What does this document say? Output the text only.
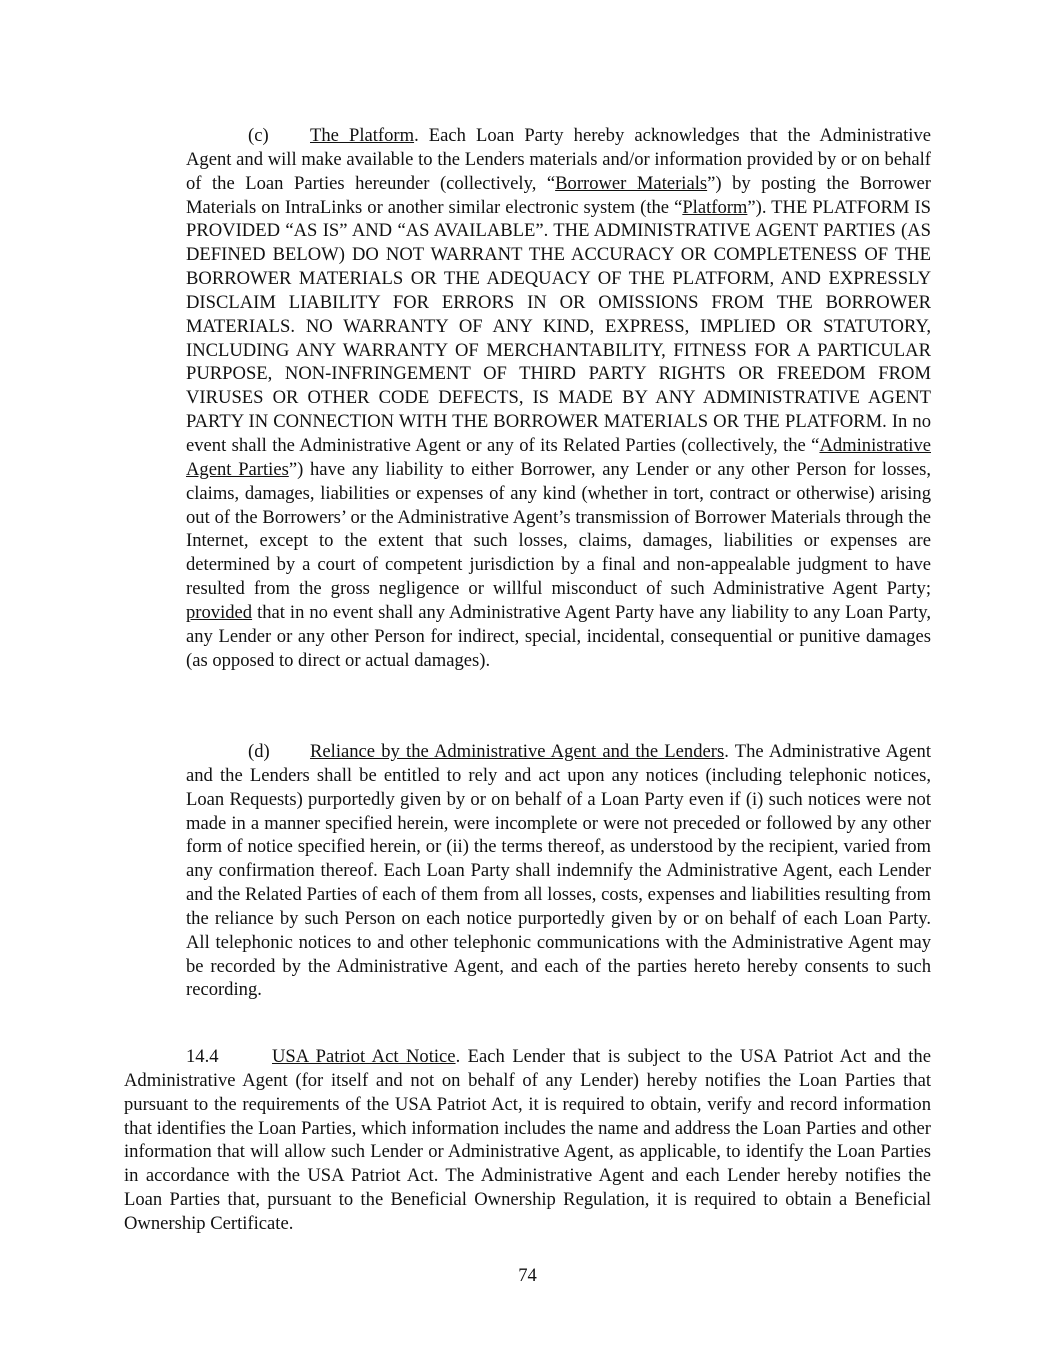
(c) The Platform. Each Loan Party hereby acknowledges that the Administrative Agent and will make available to the Lenders materials and/or information provided by or on behalf of the Loan Parties hereunder (collectively, “Borrower Materials”) by posting the Borrower Materials on IntraLinks or another similar electronic system (the “Platform”). THE PLATFORM IS PROVIDED “AS IS” AND “AS AVAILABLE”. THE ADMINISTRATIVE AGENT PARTIES (AS DEFINED BELOW) DO NOT WARRANT THE ACCURACY OR COMPLETENESS OF THE BORROWER MATERIALS OR THE ADEQUACY OF THE PLATFORM, AND EXPRESSLY DISCLAIM LIABILITY FOR ERRORS IN OR OMISSIONS FROM THE BORROWER MATERIALS. NO WARRANTY OF ANY KIND, EXPRESS, IMPLIED OR STATUTORY, INCLUDING ANY WARRANTY OF MERCHANTABILITY, FITNESS FOR A PARTICULAR PURPOSE, NON-INFRINGEMENT OF THIRD PARTY RIGHTS OR FREEDOM FROM VIRUSES OR OTHER CODE DEFECTS, IS MADE BY ANY ADMINISTRATIVE AGENT PARTY IN CONNECTION WITH THE BORROWER MATERIALS OR THE PLATFORM. In no event shall the Administrative Agent or any of its Related Parties (collectively, the “Administrative Agent Parties”) have any liability to either Borrower, any Lender or any other Person for losses, claims, damages, liabilities or expenses of any kind (whether in tort, contract or otherwise) arising out of the Borrowers’ or the Administrative Agent’s transmission of Borrower Materials through the Internet, except to the extent that such losses, claims, damages, liabilities or expenses are determined by a court of competent jurisdiction by a final and non-appealable judgment to have resulted from the gross negligence or willful misconduct of such Administrative Agent Party; provided that in no event shall any Administrative Agent Party have any liability to any Loan Party, any Lender or any other Person for indirect, special, incidental, consequential or punitive damages (as opposed to direct or actual damages).

(d) Reliance by the Administrative Agent and the Lenders. The Administrative Agent and the Lenders shall be entitled to rely and act upon any notices (including telephonic notices, Loan Requests) purportedly given by or on behalf of a Loan Party even if (i) such notices were not made in a manner specified herein, were incomplete or were not preceded or followed by any other form of notice specified herein, or (ii) the terms thereof, as understood by the recipient, varied from any confirmation thereof. Each Loan Party shall indemnify the Administrative Agent, each Lender and the Related Parties of each of them from all losses, costs, expenses and liabilities resulting from the reliance by such Person on each notice purportedly given by or on behalf of each Loan Party. All telephonic notices to and other telephonic communications with the Administrative Agent may be recorded by the Administrative Agent, and each of the parties hereto hereby consents to such recording.

14.4	USA Patriot Act Notice. Each Lender that is subject to the USA Patriot Act and the Administrative Agent (for itself and not on behalf of any Lender) hereby notifies the Loan Parties that pursuant to the requirements of the USA Patriot Act, it is required to obtain, verify and record information that identifies the Loan Parties, which information includes the name and address the Loan Parties and other information that will allow such Lender or Administrative Agent, as applicable, to identify the Loan Parties in accordance with the USA Patriot Act. The Administrative Agent and each Lender hereby notifies the Loan Parties that, pursuant to the Beneficial Ownership Regulation, it is required to obtain a Beneficial Ownership Certificate.

74
